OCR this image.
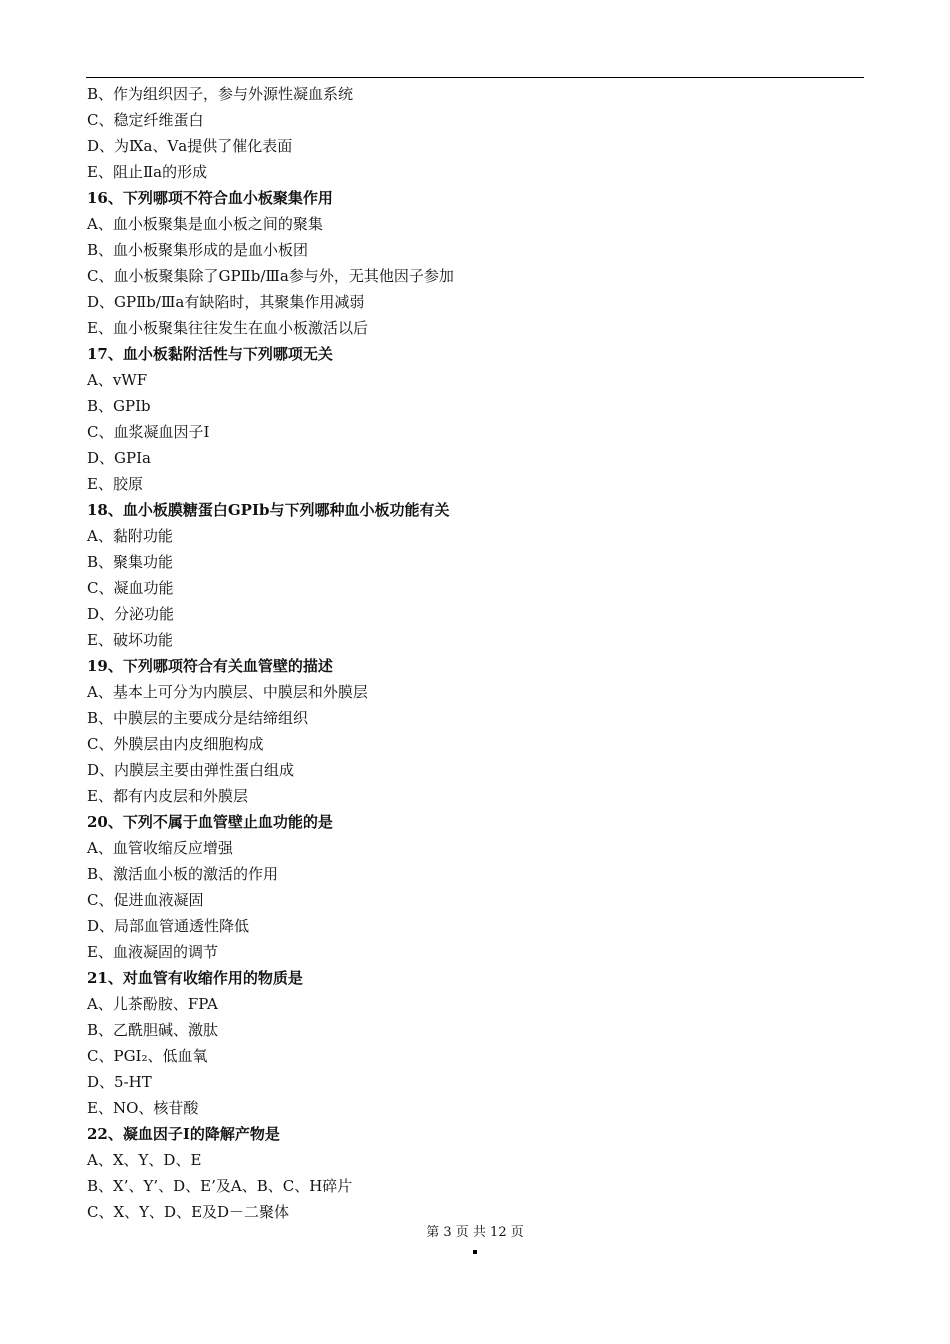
B、作为组织因子，参与外源性凝血系统
C、稳定纤维蛋白
D、为Ⅸa、Ⅴa提供了催化表面
E、阻止Ⅱa的形成
16、下列哪项不符合血小板聚集作用
A、血小板聚集是血小板之间的聚集
B、血小板聚集形成的是血小板团
C、血小板聚集除了GPⅡb/Ⅲa参与外，无其他因子参加
D、GPⅡb/Ⅲa有缺陷时，其聚集作用减弱
E、血小板聚集往往发生在血小板激活以后
17、血小板黏附活性与下列哪项无关
A、vWF
B、GPⅠb
C、血浆凝血因子Ⅰ
D、GPⅠa
E、胶原
18、血小板膜糖蛋白GPIb与下列哪种血小板功能有关
A、黏附功能
B、聚集功能
C、凝血功能
D、分泌功能
E、破坏功能
19、下列哪项符合有关血管壁的描述
A、基本上可分为内膜层、中膜层和外膜层
B、中膜层的主要成分是结缔组织
C、外膜层由内皮细胞构成
D、内膜层主要由弹性蛋白组成
E、都有内皮层和外膜层
20、下列不属于血管壁止血功能的是
A、血管收缩反应增强
B、激活血小板的激活的作用
C、促进血液凝固
D、局部血管通透性降低
E、血液凝固的调节
21、对血管有收缩作用的物质是
A、儿茶酚胺、FPA
B、乙酰胆碱、激肽
C、PGI₂、低血氧
D、5-HT
E、NO、核苷酸
22、凝血因子Ⅰ的降解产物是
A、X、Y、D、E
B、X’、Y’、D、E’及A、B、C、H碎片
C、X、Y、D、E及D－二聚体
第 3 页 共 12 页
